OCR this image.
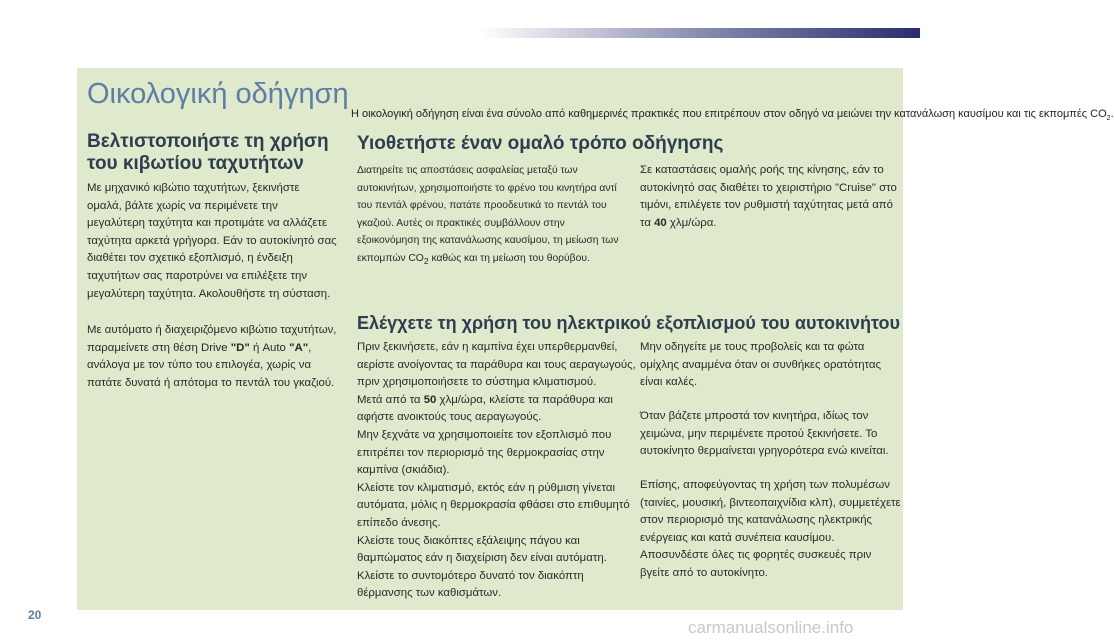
Οικολογική οδήγηση
Η οικολογική οδήγηση είναι ένα σύνολο από καθημερινές πρακτικές που επιτρέπουν στον οδηγό να μειώνει την κατανάλωση καυσίμου και τις εκπομπές $CO_2$.
Βελτιστοποιήστε τη χρήση του κιβωτίου ταχυτήτων

Με μηχανικό κιβώτιο ταχυτήτων, ξεκινήστε ομαλά, βάλτε χωρίς να περιμένετε την μεγαλύτερη ταχύτητα και προτιμάτε να αλλάζετε ταχύτητα αρκετά γρήγορα. Εάν το αυτοκίνητό σας διαθέτει τον σχετικό εξοπλισμό, η ένδειξη ταχυτήτων σας παροτρύνει να επιλέξετε την μεγαλύτερη ταχύτητα. Ακολουθήστε τη σύσταση.

Με αυτόματο ή διαχειριζόμενο κιβώτιο ταχυτήτων, παραμείνετε στη θέση Drive "D" ή Auto "A", ανάλογα με τον τύπο του επιλογέα, χωρίς να πατάτε δυνατά ή απότομα το πεντάλ του γκαζιού.

Υιοθετήστε έναν ομαλό τρόπο οδήγησης

Διατηρείτε τις αποστάσεις ασφαλείας μεταξύ των αυτοκινήτων, χρησιμοποιήστε το φρένο του κινητήρα αντί του πεντάλ φρένου, πατάτε προοδευτικά το πεντάλ του γκαζιού. Αυτές οι πρακτικές συμβάλλουν στην εξοικονόμηση της κατανάλωσης καυσίμου, τη μείωση των εκπομπών $CO_2$ καθώς και τη μείωση του θορύβου.

Σε καταστάσεις ομαλής ροής της κίνησης, εάν το αυτοκίνητό σας διαθέτει το χειριστήριο "Cruise" στο τιμόνι, επιλέγετε τον ρυθμιστή ταχύτητας μετά από τα 40 χλμ/ώρα.

Ελέγχετε τη χρήση του ηλεκτρικού εξοπλισμού του αυτοκινήτου

Πριν ξεκινήσετε, εάν η καμπίνα έχει υπερθερμανθεί, αερίστε ανοίγοντας τα παράθυρα και τους αεραγωγούς, πριν χρησιμοποιήσετε το σύστημα κλιματισμού.
Μετά από τα 50 χλμ/ώρα, κλείστε τα παράθυρα και αφήστε ανοικτούς τους αεραγωγούς.
Μην ξεχνάτε να χρησιμοποιείτε τον εξοπλισμό που επιτρέπει τον περιορισμό της θερμοκρασίας στην καμπίνα (σκιάδια).
Κλείστε τον κλιματισμό, εκτός εάν η ρύθμιση γίνεται αυτόματα, μόλις η θερμοκρασία φθάσει στο επιθυμητό επίπεδο άνεσης.
Κλείστε τους διακόπτες εξάλειψης πάγου και θαμπώματος εάν η διαχείριση δεν είναι αυτόματη.
Κλείστε το συντομότερο δυνατό τον διακόπτη θέρμανσης των καθισμάτων.

Μην οδηγείτε με τους προβολείς και τα φώτα ομίχλης αναμμένα όταν οι συνθήκες ορατότητας είναι καλές.

Όταν βάζετε μπροστά τον κινητήρα, ιδίως τον χειμώνα, μην περιμένετε προτού ξεκινήσετε. Το αυτοκίνητο θερμαίνεται γρηγορότερα ενώ κινείται.

Επίσης, αποφεύγοντας τη χρήση των πολυμέσων (ταινίες, μουσική, βιντεοπαιχνίδια κλπ), συμμετέχετε στον περιορισμό της κατανάλωσης ηλεκτρικής ενέργειας και κατά συνέπεια καυσίμου. Αποσυνδέστε όλες τις φορητές συσκευές πριν βγείτε από το αυτοκίνητο.

20
carmanualsonline.info
